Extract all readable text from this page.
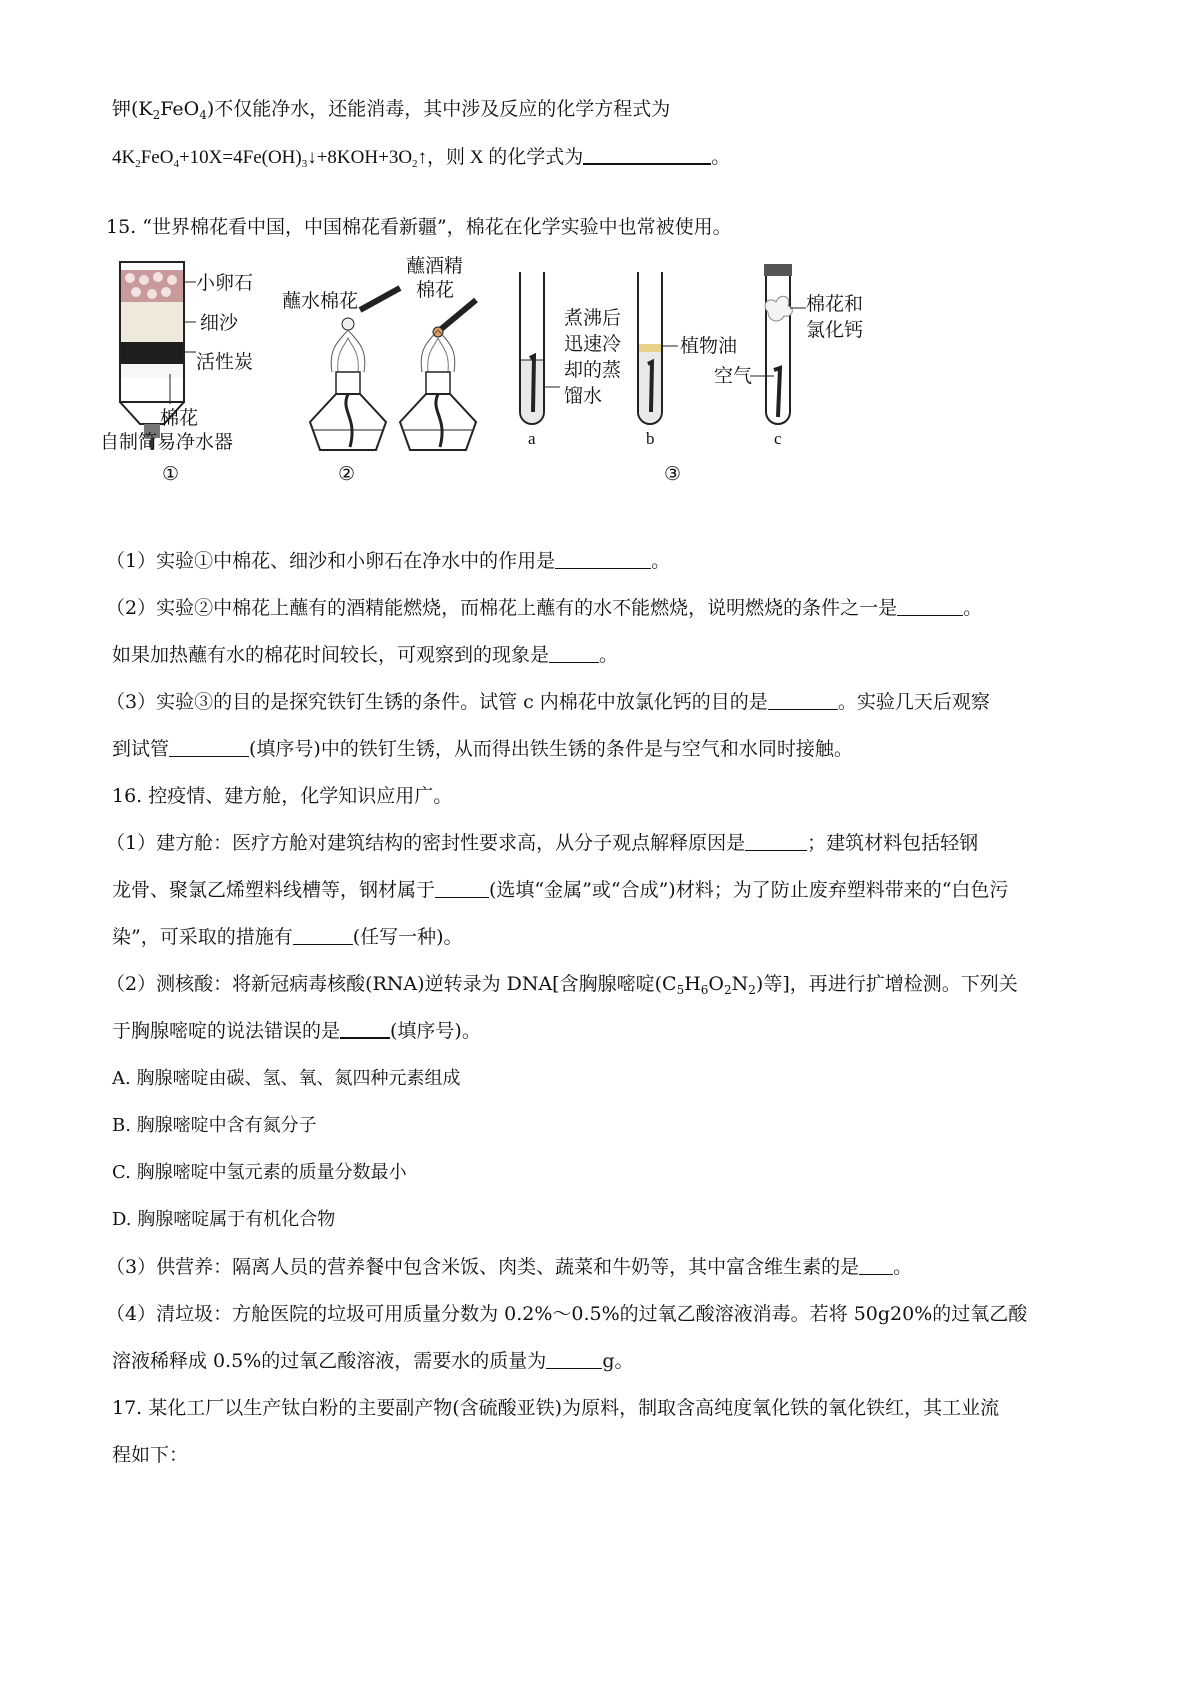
钾$(K_2FeO_4)$不仅能净水，还能消毒，其中涉及反应的化学方程式为
$4K_2FeO_4+10X=4Fe(OH)_3↓+8KOH+3O_2↑$，则 X 的化学式为	。
15. “世界棉花看中国，中国棉花看新疆”，棉花在化学实验中也常被使用。
小卵石
细沙
活性炭
棉花
自制简易净水器
①
蘸水棉花
②
蘸酒精
棉花
煮沸后
迅速冷
却的蒸
馏水
a
植物油
b
③
棉花和
氯化钙
空气
c
（1）实验①中棉花、细沙和小卵石在净水中的作用是	。
（2）实验②中棉花上蘸有的酒精能燃烧，而棉花上蘸有的水不能燃烧，说明燃烧的条件之一是	。
如果加热蘸有水的棉花时间较长，可观察到的现象是	。
（3）实验③的目的是探究铁钉生锈的条件。试管 c 内棉花中放氯化钙的目的是	。实验几天后观察
到试管	(填序号)中的铁钉生锈，从而得出铁生锈的条件是与空气和水同时接触。
16. 控疫情、建方舱，化学知识应用广。
（1）建方舱：医疗方舱对建筑结构的密封性要求高，从分子观点解释原因是	；建筑材料包括轻钢
龙骨、聚氯乙烯塑料线槽等，钢材属于	(选填“金属”或“合成”)材料；为了防止废弃塑料带来的“白色污
染”，可采取的措施有	(任写一种)。
（2）测核酸：将新冠病毒核酸(RNA)逆转录为 DNA[含胸腺嘧啶$(C_5H_6O_2N_2)$等]，再进行扩增检测。下列关
于胸腺嘧啶的说法错误的是	(填序号)。
A. 胸腺嘧啶由碳、氢、氧、氮四种元素组成
B. 胸腺嘧啶中含有氮分子
C. 胸腺嘧啶中氢元素的质量分数最小
D. 胸腺嘧啶属于有机化合物
（3）供营养：隔离人员的营养餐中包含米饭、肉类、蔬菜和牛奶等，其中富含维生素的是 。
（4）清垃圾：方舱医院的垃圾可用质量分数为 0.2%～0.5%的过氧乙酸溶液消毒。若将 50g20%的过氧乙酸
溶液稀释成 0.5%的过氧乙酸溶液，需要水的质量为	g。
17. 某化工厂以生产钛白粉的主要副产物(含硫酸亚铁)为原料，制取含高纯度氧化铁的氧化铁红，其工业流
程如下：
